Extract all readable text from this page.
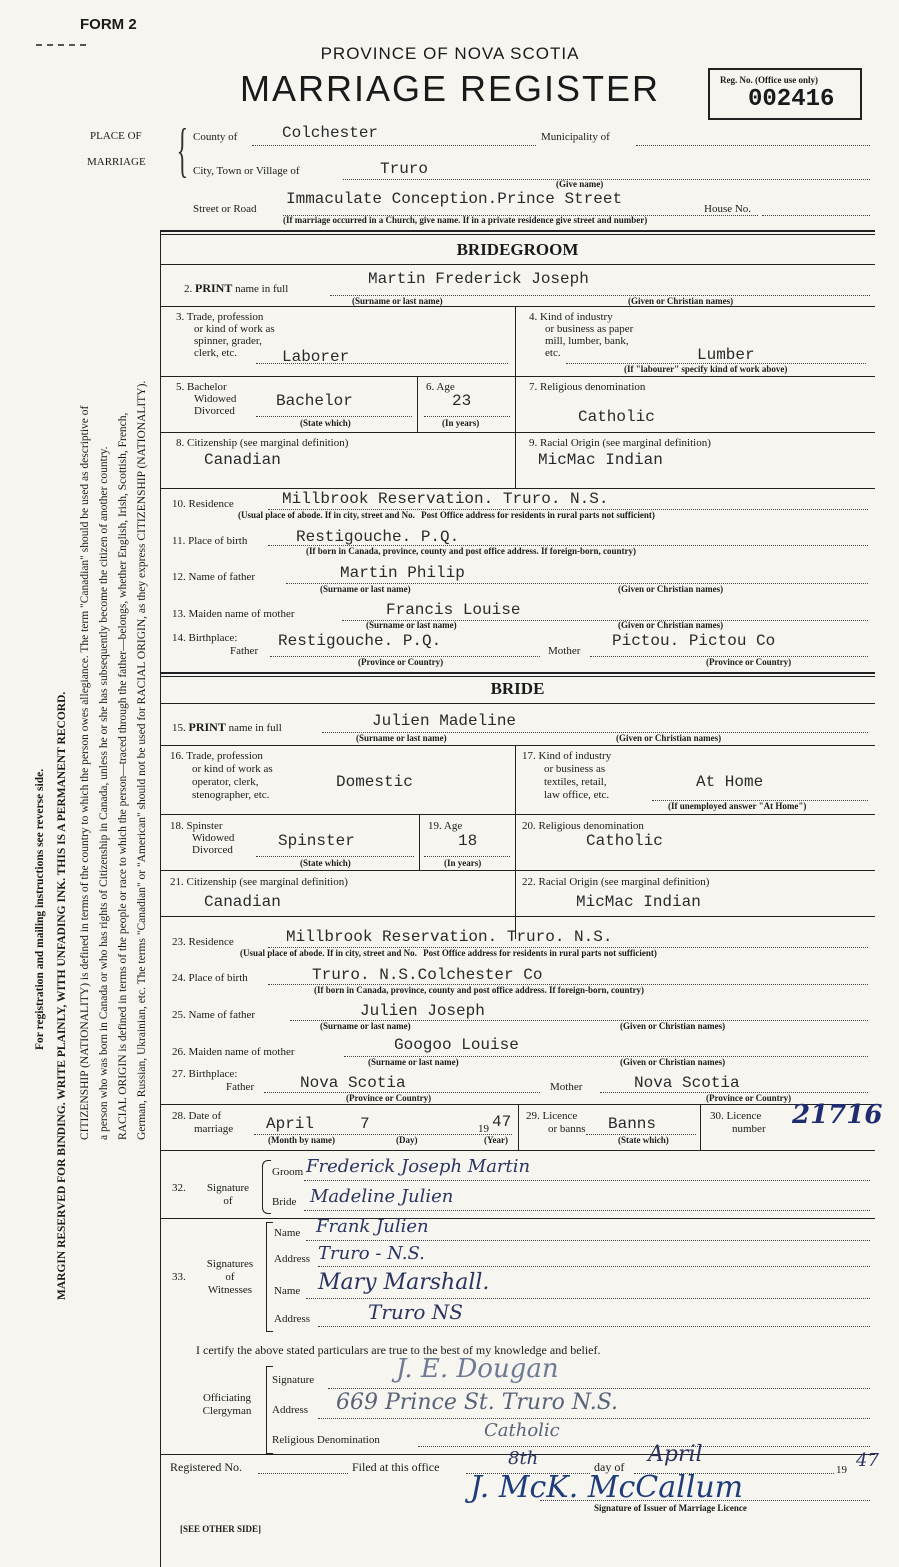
FORM 2
PROVINCE OF NOVA SCOTIA
MARRIAGE REGISTER	Reg. No. (Office use only)
002416
PLACE OF
MARRIAGE { County of	Colchester	Municipality of
City, Town or Village of	Truro
(Give name)
Street or Road
Immaculate Conception.Prince Street
House No.
(If marriage occurred in a Church, give name. If in a private residence give street and number)
For registration and mailing instructions see reverse side. MARGIN RESERVED FOR BINDING. WRITE PLAINLY, WITH UNFADING INK. THIS IS A PERMANENT RECORD. CITIZENSHIP (NATIONALITY) is defined in terms of the country to which the person owes allegiance. The term "Canadian" should be used as descriptive of a person who was born in Canada or who has rights of Citizenship in Canada, unless he or she has subsequently become the citizen of another country. RACIAL ORIGIN is defined in terms of the people or race to which the person—traced through the father—belongs, whether English, Irish, Scottish, French, German, Russian, Ukrainian, etc. The terms "Canadian" or "American" should not be used for RACIAL ORIGIN, as they express CITIZENSHIP (NATIONALITY).
BRIDEGROOM
2. PRINT name in full
Martin Frederick Joseph
(Surname or last name)	(Given or Christian names)
3. Trade, profession
or kind of work as
spinner, grader,
clerk, etc.	Laborer
4. Kind of industry
or business as paper
mill, lumber, bank,
etc.	Lumber
(If "labourer" specify kind of work above)
5. Bachelor
Widowed
Divorced
Bachelor
(State which)
6. Age
23
(In years)
7. Religious denomination
Catholic
8. Citizenship (see marginal definition)
Canadian
9. Racial Origin (see marginal definition)
MicMac Indian
10. Residence	Millbrook Reservation. Truro. N.S.
(Usual place of abode. If in city, street and No. Post Office address for residents in rural parts not sufficient)
11. Place of birth	Restigouche. P.Q.
(If born in Canada, province, county and post office address. If foreign-born, country)
12. Name of father	Martin Philip
(Surname or last name)	(Given or Christian names)
13. Maiden name of mother	Francis Louise
(Surname or last name)	(Given or Christian names)
14. Birthplace:
Father
Restigouche. P.Q.
Mother
Pictou. Pictou Co
(Province or Country)	(Province or Country)
BRIDE
15. PRINT name in full	Julien Madeline
(Surname or last name)	(Given or Christian names)
16. Trade, profession
or kind of work as
operator, clerk,
stenographer, etc.
Domestic
17. Kind of industry
or business as
textiles, retail,
law office, etc.
At Home
(If unemployed answer "At Home")
18. Spinster
Widowed
Divorced	Spinster
(State which)
19. Age
18
(In years)
20. Religious denomination
Catholic
21. Citizenship (see marginal definition)
Canadian
22. Racial Origin (see marginal definition)
MicMac Indian
23. Residence	Millbrook Reservation. Truro. N.S.
(Usual place of abode. If in city, street and No. Post Office address for residents in rural parts not sufficient)
24. Place of birth	Truro. N.S.Colchester Co
(If born in Canada, province, county and post office address. If foreign-born, country)
25. Name of father	Julien Joseph
(Surname or last name)	(Given or Christian names)
26. Maiden name of mother	Googoo Louise
(Surname or last name)	(Given or Christian names)
27. Birthplace:
Father	Nova Scotia	Mother	Nova Scotia
(Province or Country)	(Province or Country)
28. Date of
marriage April	7	19 47
(Month by name)	(Day)	(Year)
29. Licence
or banns Banns
(State which)
30. Licence
number 21716
32.	Signature
of
Groom Frederick Joseph Martin
Bride Madeline Julien
33.
Signatures
of
Witnesses
Name Frank Julien
Address Truro - N.S.
Name Mary Marshall.
Address	Truro NS
I certify the above stated particulars are true to the best of my knowledge and belief.
Officiating
Clergyman
Signature	J. E. Dougan
Address 669 Prince St. Truro N.S.
Religious Denomination	Catholic
Registered No.	Filed at this office	8th	day of April
19 47
J. McK. McCallum
Signature of Issuer of Marriage Licence
[SEE OTHER SIDE]
